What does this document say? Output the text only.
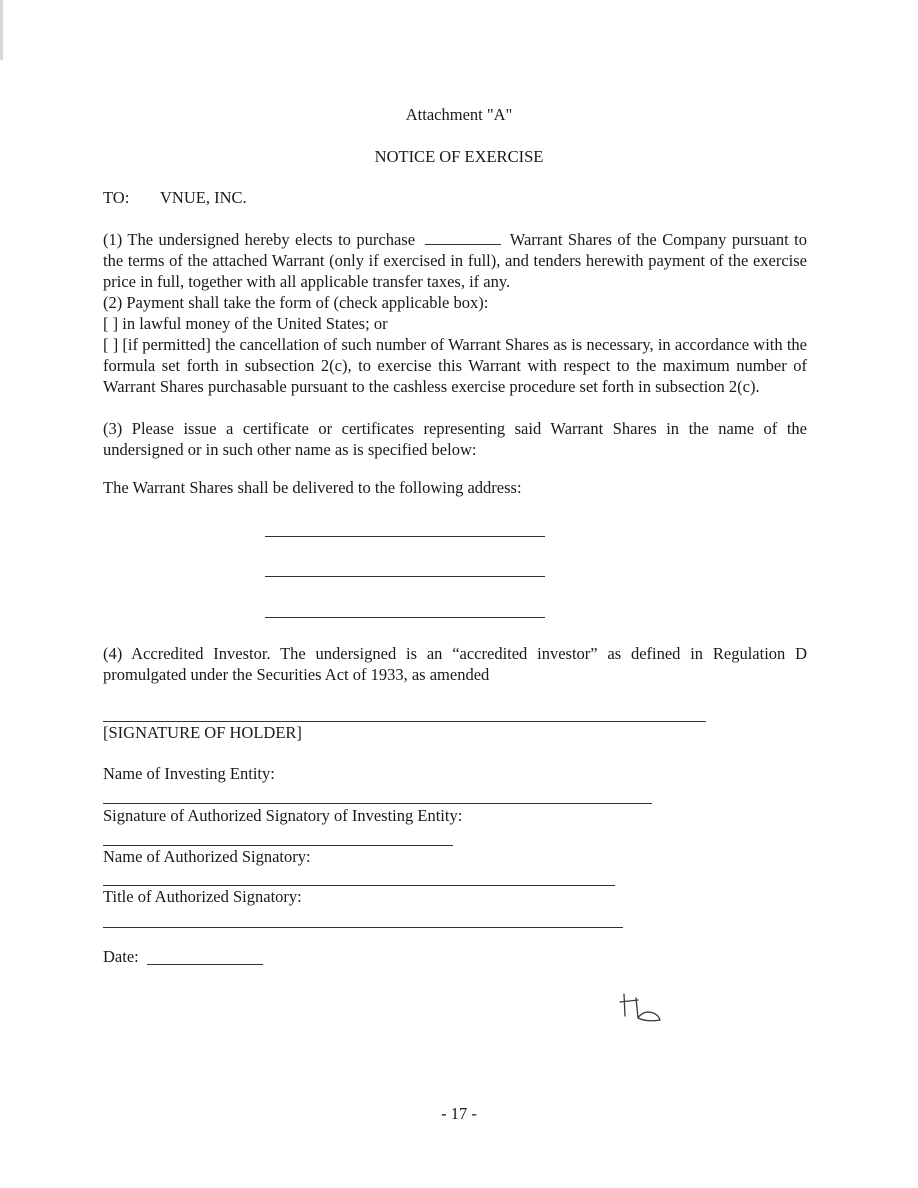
Attachment "A"
NOTICE OF EXERCISE
TO: VNUE, INC.
(1) The undersigned hereby elects to purchase	Warrant Shares of the Company pursuant to the terms of the attached Warrant (only if exercised in full), and tenders herewith payment of the exercise price in full, together with all applicable transfer taxes, if any.
(2) Payment shall take the form of (check applicable box):
[ ] in lawful money of the United States; or
[ ] [if permitted] the cancellation of such number of Warrant Shares as is necessary, in accordance with the formula set forth in subsection 2(c), to exercise this Warrant with respect to the maximum number of Warrant Shares purchasable pursuant to the cashless exercise procedure set forth in subsection 2(c).
(3) Please issue a certificate or certificates representing said Warrant Shares in the name of the undersigned or in such other name as is specified below:
The Warrant Shares shall be delivered to the following address:
(4) Accredited Investor. The undersigned is an “accredited investor” as defined in Regulation D promulgated under the Securities Act of 1933, as amended
[SIGNATURE OF HOLDER]
Name of Investing Entity:
Signature of Authorized Signatory of Investing Entity:
Name of Authorized Signatory:
Title of Authorized Signatory:
Date:
- 17 -
